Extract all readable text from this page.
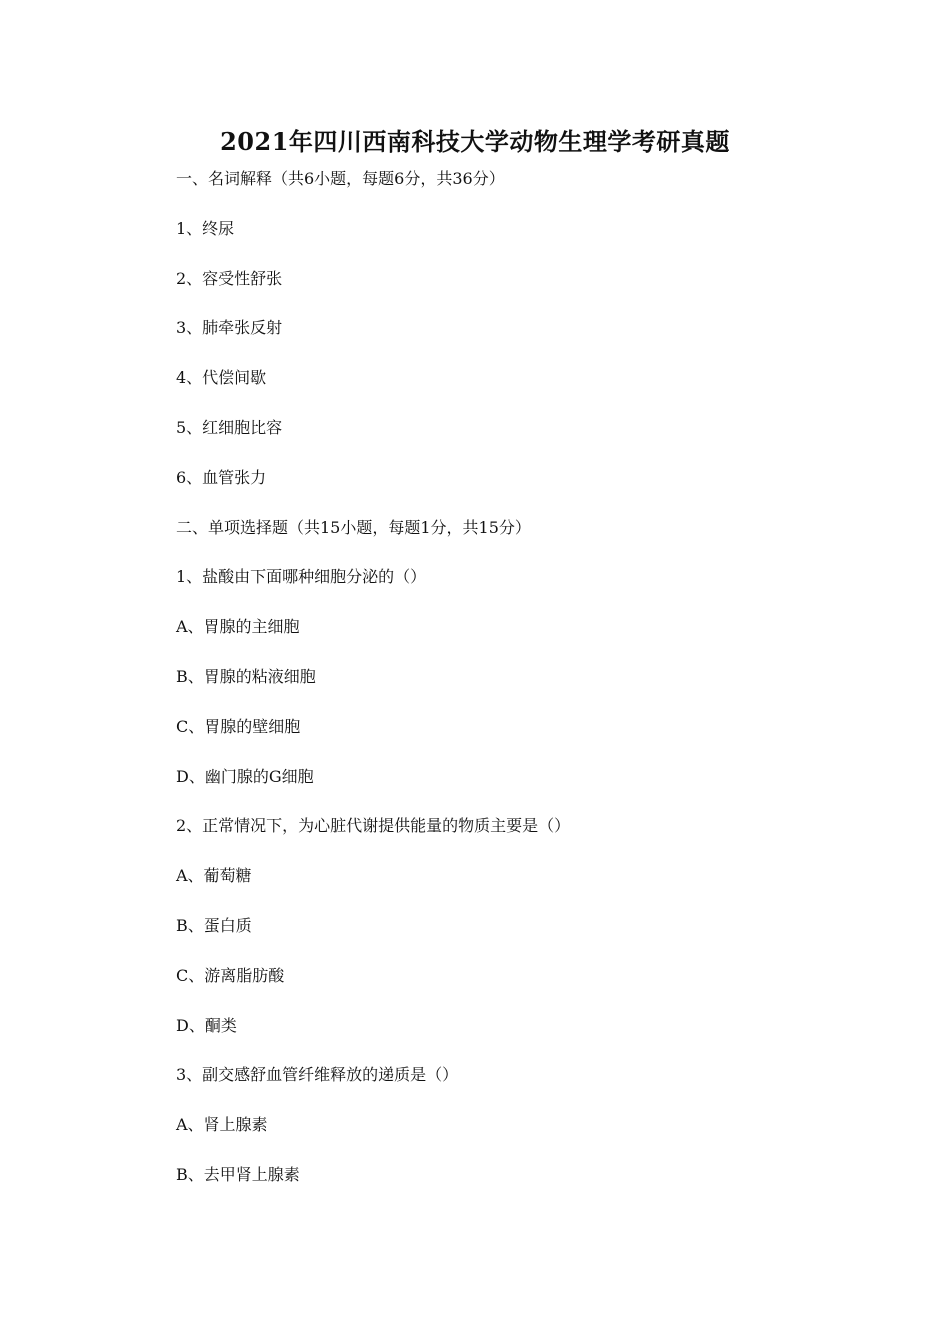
2021年四川西南科技大学动物生理学考研真题
一、名词解释（共6小题，每题6分，共36分）
1、终尿
2、容受性舒张
3、肺牵张反射
4、代偿间歇
5、红细胞比容
6、血管张力
二、单项选择题（共15小题，每题1分，共15分）
1、盐酸由下面哪种细胞分泌的（）
A、胃腺的主细胞
B、胃腺的粘液细胞
C、胃腺的壁细胞
D、幽门腺的G细胞
2、正常情况下，为心脏代谢提供能量的物质主要是（）
A、葡萄糖
B、蛋白质
C、游离脂肪酸
D、酮类
3、副交感舒血管纤维释放的递质是（）
A、肾上腺素
B、去甲肾上腺素
